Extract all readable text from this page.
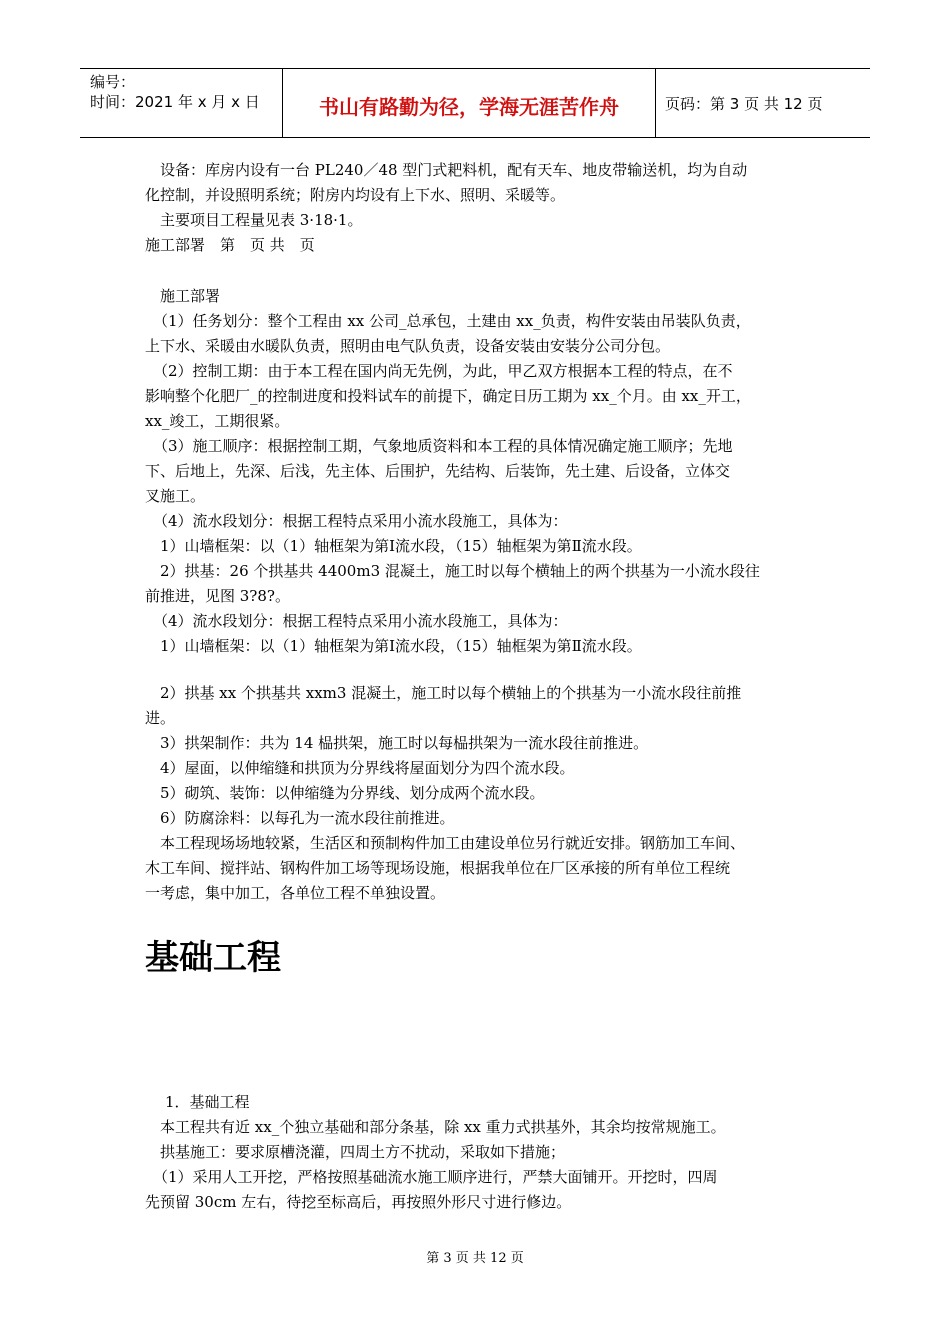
编号：
时间：2021 年 x 月 x 日	书山有路勤为径，学海无涯苦作舟	页码：第 3 页 共 12 页

设备：库房内设有一台 PL240／48 型门式耙料机，配有天车、地皮带输送机，均为自动

化控制，并设照明系统；附房内均设有上下水、照明、采暖等。

主要项目工程量见表 3·18·1。

施工部署　第　页 共　页

施工部署

（1）任务划分：整个工程由 xx 公司_总承包，土建由 xx_负责，构件安装由吊装队负责，

上下水、采暖由水暖队负责，照明由电气队负责，设备安装由安装分公司分包。

（2）控制工期：由于本工程在国内尚无先例，为此，甲乙双方根据本工程的特点，在不

影响整个化肥厂_的控制进度和投料试车的前提下，确定日历工期为 xx_个月。由 xx_开工，

xx_竣工，工期很紧。

（3）施工顺序：根据控制工期，气象地质资料和本工程的具体情况确定施工顺序；先地

下、后地上，先深、后浅，先主体、后围护，先结构、后装饰，先土建、后设备，立体交

叉施工。

（4）流水段划分：根据工程特点采用小流水段施工，具体为：

1）山墙框架：以（1）轴框架为第Ⅰ流水段，（15）轴框架为第Ⅱ流水段。

2）拱基：26 个拱基共 4400m3 混凝土，施工时以每个横轴上的两个拱基为一小流水段往

前推进，见图 3?8?。

（4）流水段划分：根据工程特点采用小流水段施工，具体为：

1）山墙框架：以（1）轴框架为第Ⅰ流水段，（15）轴框架为第Ⅱ流水段。

2）拱基 xx 个拱基共 xxm3 混凝土，施工时以每个横轴上的个拱基为一小流水段往前推

进。

3）拱架制作：共为 14 榀拱架，施工时以每榀拱架为一流水段往前推进。

4）屋面，以伸缩缝和拱顶为分界线将屋面划分为四个流水段。

5）砌筑、装饰：以伸缩缝为分界线、划分成两个流水段。

6）防腐涂料：以每孔为一流水段往前推进。

本工程现场场地较紧，生活区和预制构件加工由建设单位另行就近安排。钢筋加工车间、

木工车间、搅拌站、钢构件加工场等现场设施，根据我单位在厂区承接的所有单位工程统

一考虑，集中加工，各单位工程不单独设置。

基础工程

1．基础工程

本工程共有近 xx_个独立基础和部分条基，除 xx 重力式拱基外，其余均按常规施工。

拱基施工：要求原槽浇灌，四周土方不扰动，采取如下措施；

（1）采用人工开挖，严格按照基础流水施工顺序进行，严禁大面铺开。开挖时，四周

先预留 30cm 左右，待挖至标高后，再按照外形尺寸进行修边。

第 3 页 共 12 页
